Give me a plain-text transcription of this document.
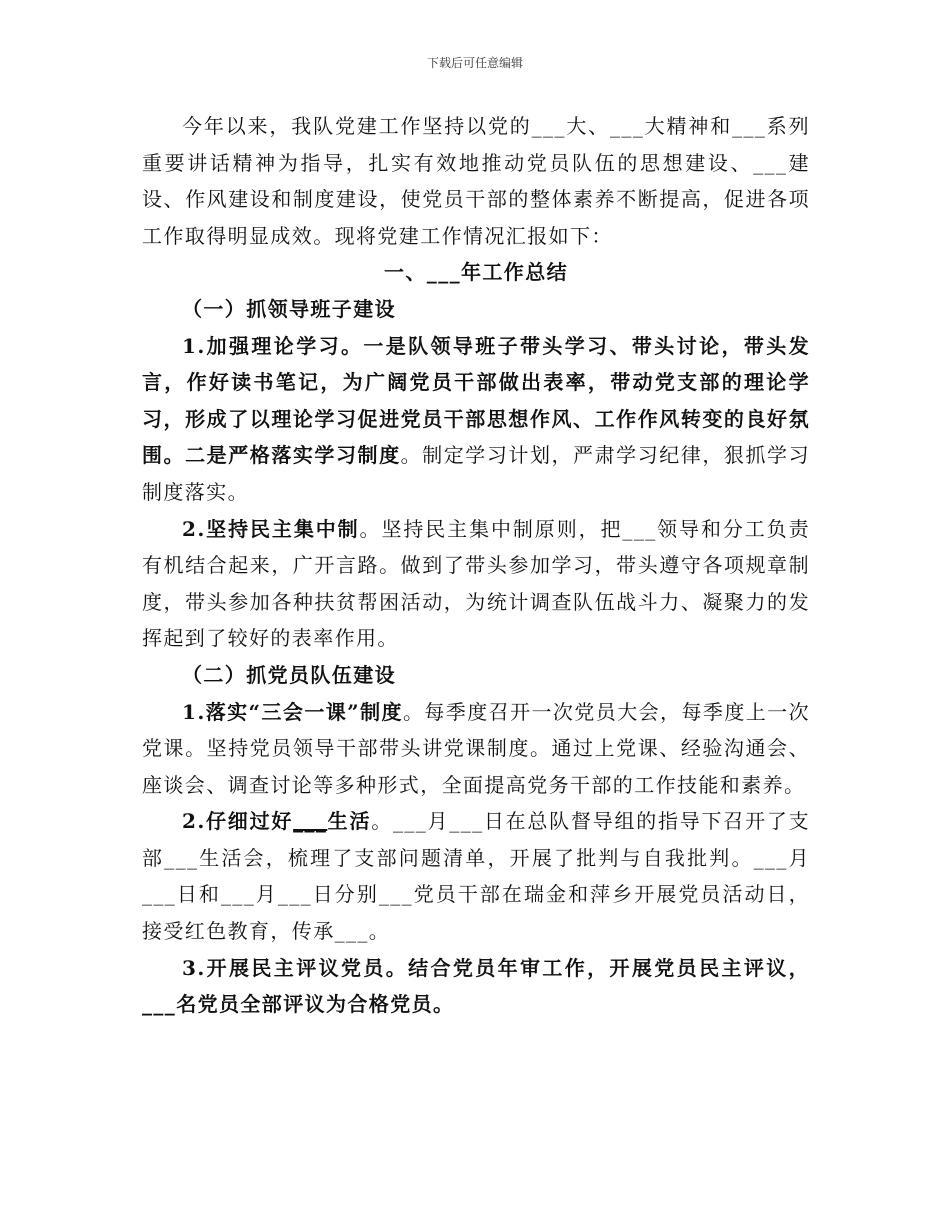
下载后可任意编辑

今年以来，我队党建工作坚持以党的___大、___大精神和___系列重要讲话精神为指导，扎实有效地推动党员队伍的思想建设、___建设、作风建设和制度建设，使党员干部的整体素养不断提高，促进各项工作取得明显成效。现将党建工作情况汇报如下：

一、___年工作总结

（一）抓领导班子建设

1.加强理论学习。一是队领导班子带头学习、带头讨论，带头发言，作好读书笔记，为广阔党员干部做出表率，带动党支部的理论学习，形成了以理论学习促进党员干部思想作风、工作作风转变的良好氛围。二是严格落实学习制度。制定学习计划，严肃学习纪律，狠抓学习制度落实。

2.坚持民主集中制。坚持民主集中制原则，把___领导和分工负责有机结合起来，广开言路。做到了带头参加学习，带头遵守各项规章制度，带头参加各种扶贫帮困活动，为统计调查队伍战斗力、凝聚力的发挥起到了较好的表率作用。

（二）抓党员队伍建设

1.落实“三会一课”制度。每季度召开一次党员大会，每季度上一次党课。坚持党员领导干部带头讲党课制度。通过上党课、经验沟通会、座谈会、调查讨论等多种形式，全面提高党务干部的工作技能和素养。

2.仔细过好___生活。___月___日在总队督导组的指导下召开了支部___生活会，梳理了支部问题清单，开展了批判与自我批判。___月___日和___月___日分别___党员干部在瑞金和萍乡开展党员活动日，接受红色教育，传承___。

3.开展民主评议党员。结合党员年审工作，开展党员民主评议，___名党员全部评议为合格党员。
